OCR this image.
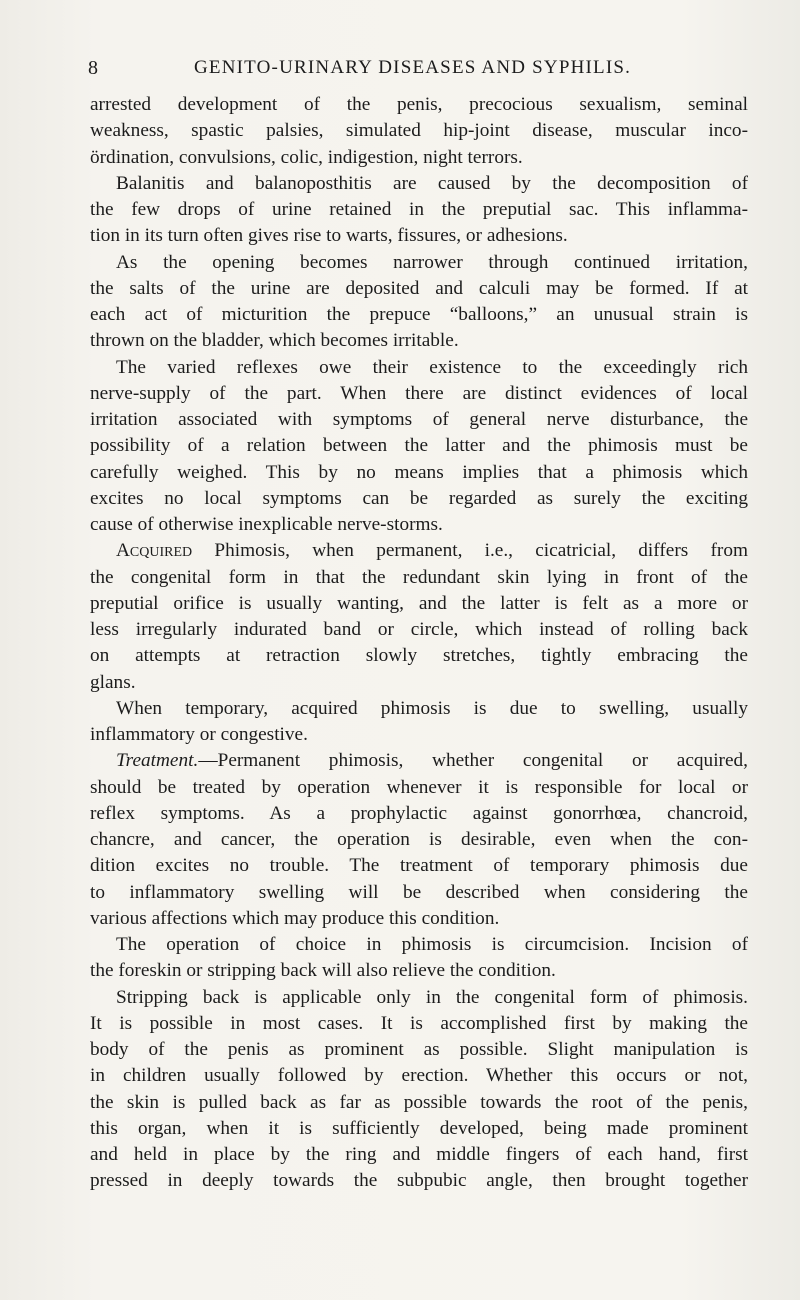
8	GENITO-URINARY DISEASES AND SYPHILIS.
arrested development of the penis, precocious sexualism, seminal
weakness, spastic palsies, simulated hip-joint disease, muscular inco-
ördination, convulsions, colic, indigestion, night terrors.
Balanitis and balanoposthitis are caused by the decomposition of
the few drops of urine retained in the preputial sac. This inflamma-
tion in its turn often gives rise to warts, fissures, or adhesions.
As the opening becomes narrower through continued irritation,
the salts of the urine are deposited and calculi may be formed. If at
each act of micturition the prepuce “balloons,” an unusual strain is
thrown on the bladder, which becomes irritable.
The varied reflexes owe their existence to the exceedingly rich
nerve-supply of the part. When there are distinct evidences of local
irritation associated with symptoms of general nerve disturbance, the
possibility of a relation between the latter and the phimosis must be
carefully weighed. This by no means implies that a phimosis which
excites no local symptoms can be regarded as surely the exciting
cause of otherwise inexplicable nerve-storms.
Acquired Phimosis, when permanent, i.e., cicatricial, differs from
the congenital form in that the redundant skin lying in front of the
preputial orifice is usually wanting, and the latter is felt as a more or
less irregularly indurated band or circle, which instead of rolling back
on attempts at retraction slowly stretches, tightly embracing the
glans.
When temporary, acquired phimosis is due to swelling, usually
inflammatory or congestive.
Treatment.—Permanent phimosis, whether congenital or acquired,
should be treated by operation whenever it is responsible for local or
reflex symptoms. As a prophylactic against gonorrhœa, chancroid,
chancre, and cancer, the operation is desirable, even when the con-
dition excites no trouble. The treatment of temporary phimosis due
to inflammatory swelling will be described when considering the
various affections which may produce this condition.
The operation of choice in phimosis is circumcision. Incision of
the foreskin or stripping back will also relieve the condition.
Stripping back is applicable only in the congenital form of phimosis.
It is possible in most cases. It is accomplished first by making the
body of the penis as prominent as possible. Slight manipulation is
in children usually followed by erection. Whether this occurs or not,
the skin is pulled back as far as possible towards the root of the penis,
this organ, when it is sufficiently developed, being made prominent
and held in place by the ring and middle fingers of each hand, first
pressed in deeply towards the subpubic angle, then brought together
